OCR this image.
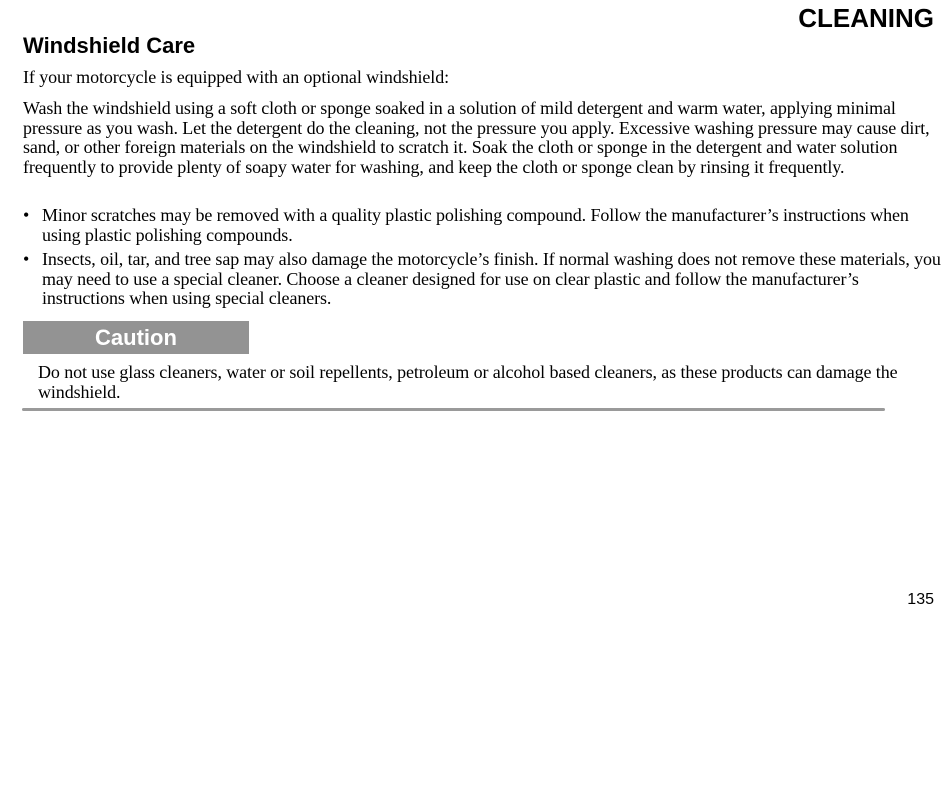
CLEANING
Windshield Care

If your motorcycle is equipped with an optional windshield:

Wash the windshield using a soft cloth or sponge soaked in a solution of mild detergent and warm water, applying minimal pressure as you wash. Let the detergent do the cleaning, not the pressure you apply. Excessive washing pressure may cause dirt, sand, or other foreign materials on the windshield to scratch it. Soak the cloth or sponge in the detergent and water solution frequently to provide plenty of soapy water for washing, and keep the cloth or sponge clean by rinsing it frequently.

• Minor scratches may be removed with a quality plastic polishing compound. Follow the manufacturer’s instructions when using plastic polishing compounds.
• Insects, oil, tar, and tree sap may also damage the motorcycle’s finish. If normal washing does not remove these materials, you may need to use a special cleaner. Choose a cleaner designed for use on clear plastic and follow the manufacturer’s instructions when using special cleaners.
Caution

Do not use glass cleaners, water or soil repellents, petroleum or alcohol based cleaners, as these products can damage the windshield.

135
